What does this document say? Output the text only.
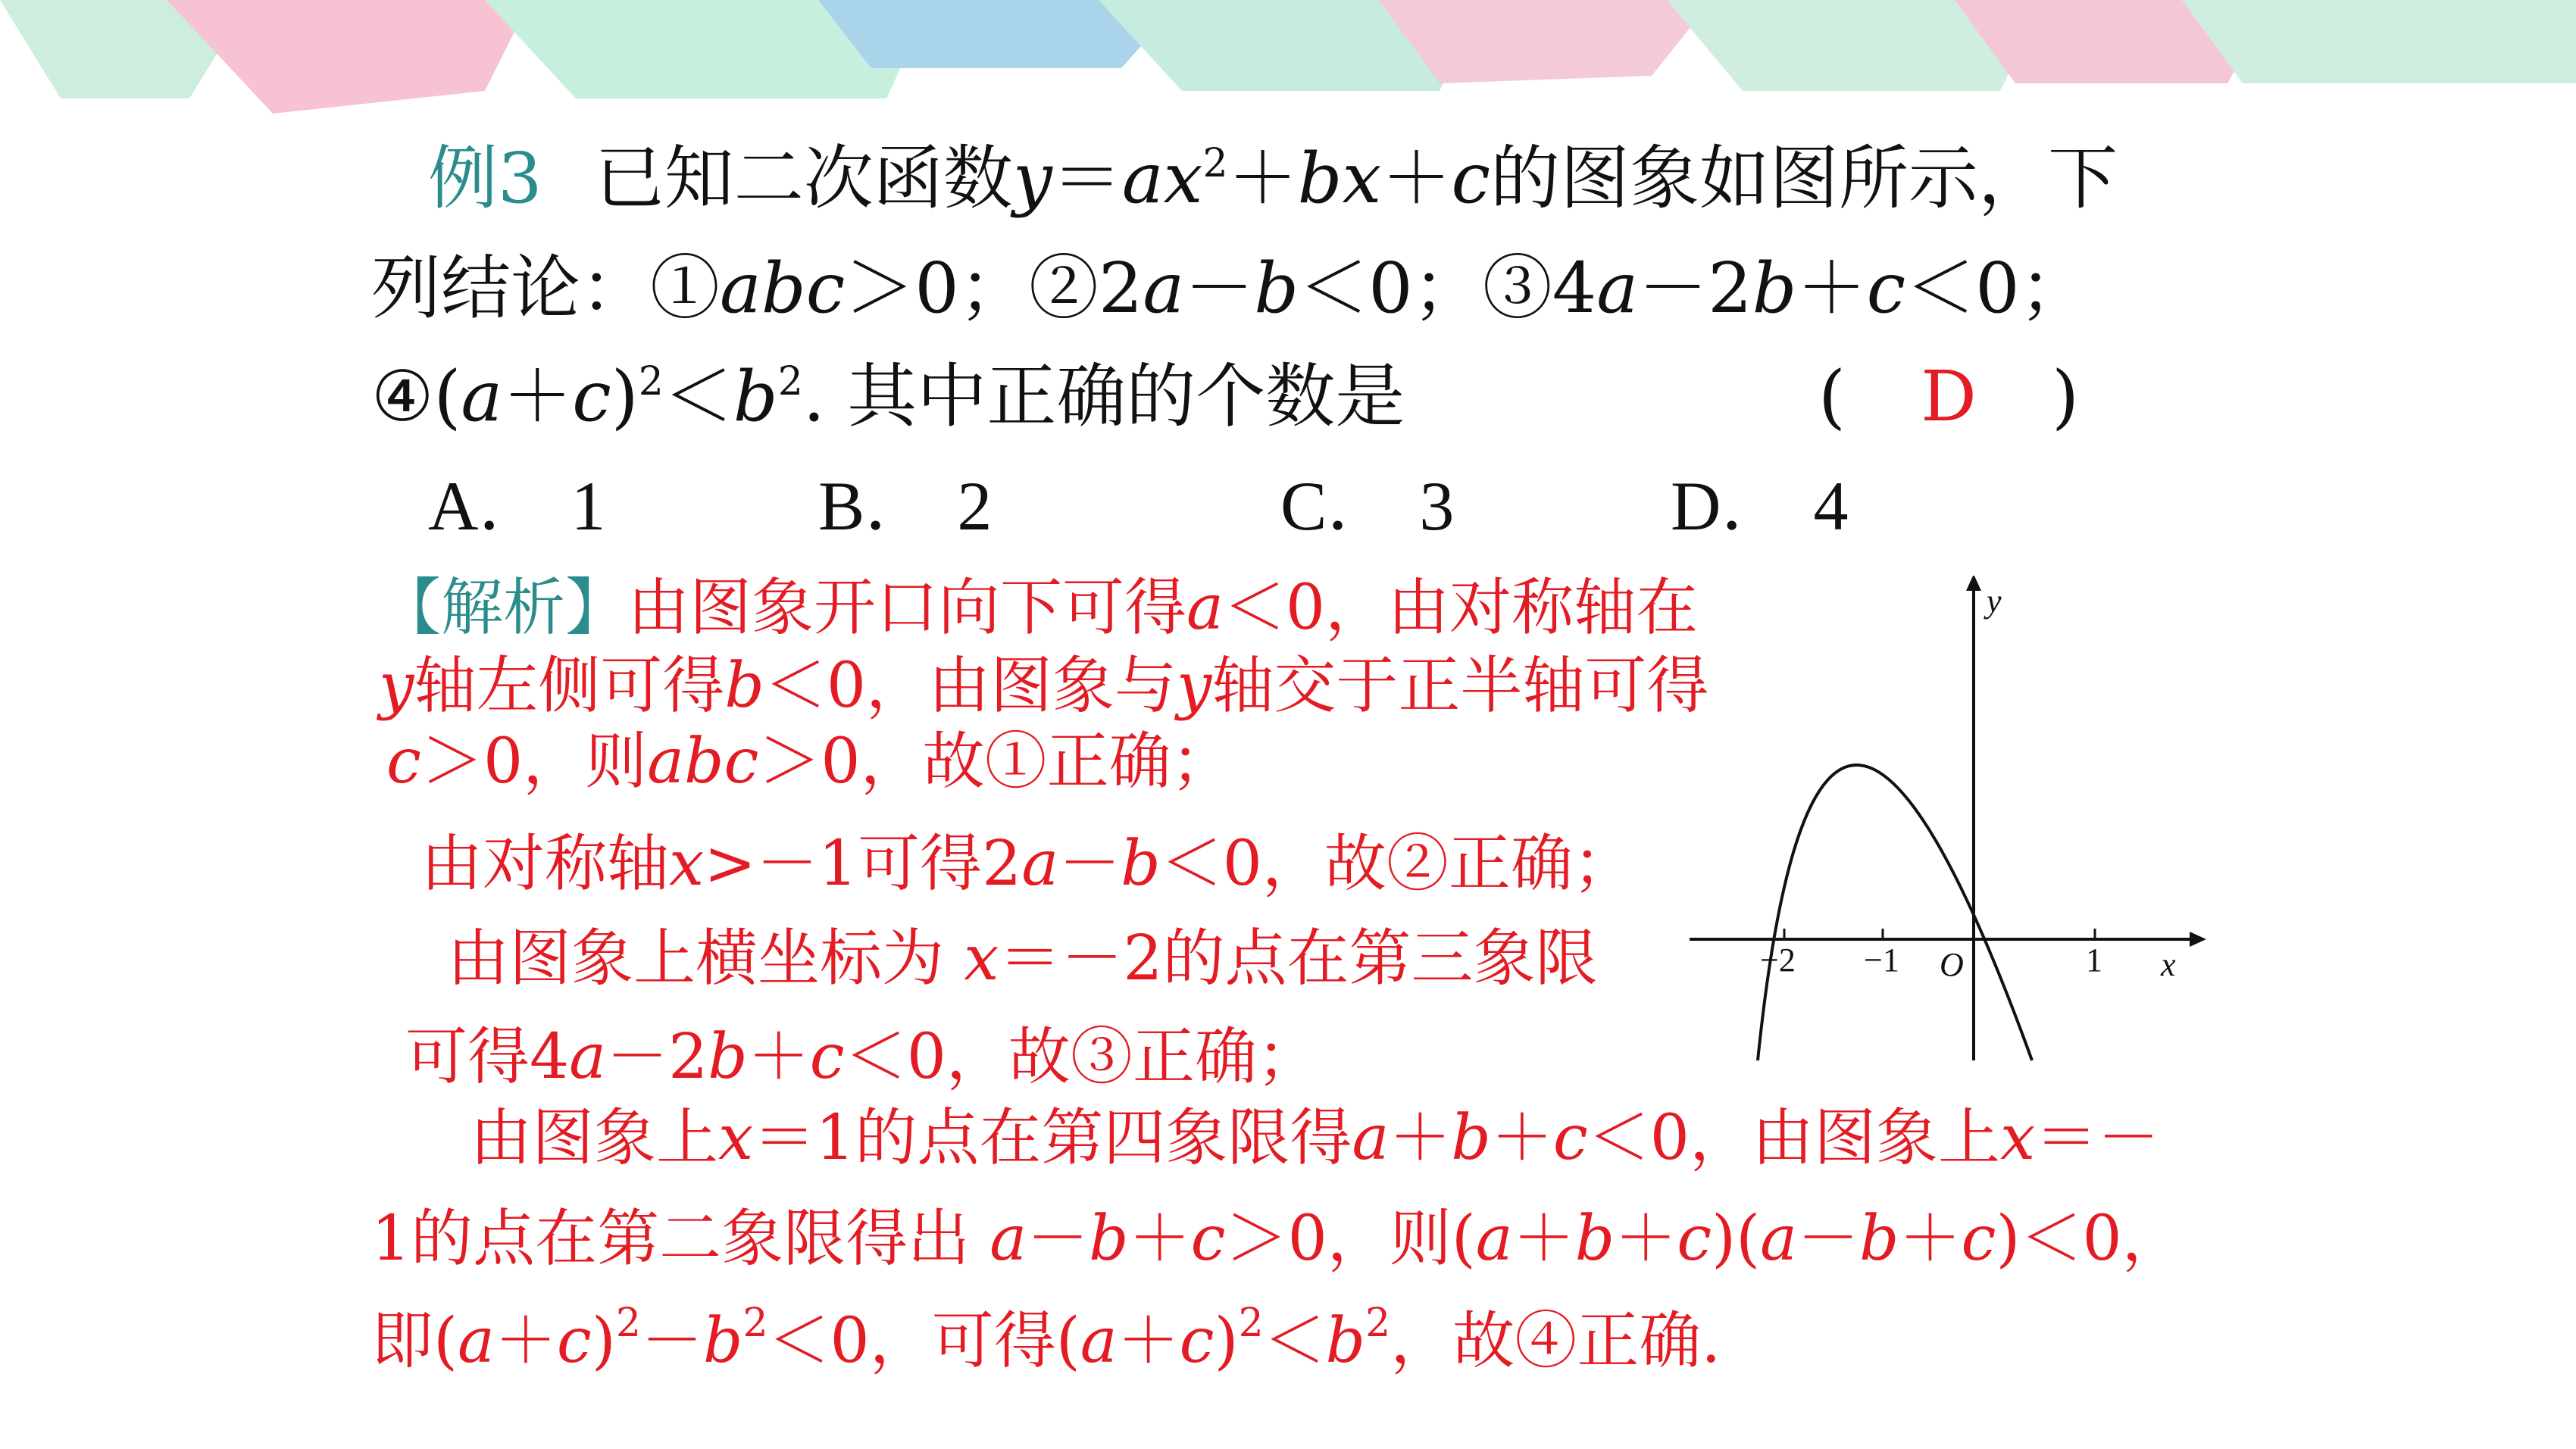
例3 已知二次函数$y=ax^2+bx+c$的图象如图所示，下
列结论：①abc＞0；②2a－b＜0；③4a－2b＋c＜0；
$④(a+c)^2<b^2$. 其中正确的个数是	( D )
A． 1	B． 2	C． 3	D． 4
【解析】由图象开口向下可得a＜0，由对称轴在
y轴左侧可得b＜0，由图象与y轴交于正半轴可得
c＞0，则abc＞0，故①正确；
由对称轴x>－1可得2a－b＜0，故②正确；
由图象上横坐标为 x＝－2的点在第三象限
可得4a－2b＋c＜0，故③正确；
由图象上x＝1的点在第四象限得a＋b＋c＜0，由图象上x＝－
1的点在第二象限得出 a－b＋c＞0，则(a＋b＋c)(a－b＋c)＜0，
即$(a+c)^2-b^2<0$，可得$(a+c)^2<b^2$，故④正确.
x
y
O
−2 −1	1
